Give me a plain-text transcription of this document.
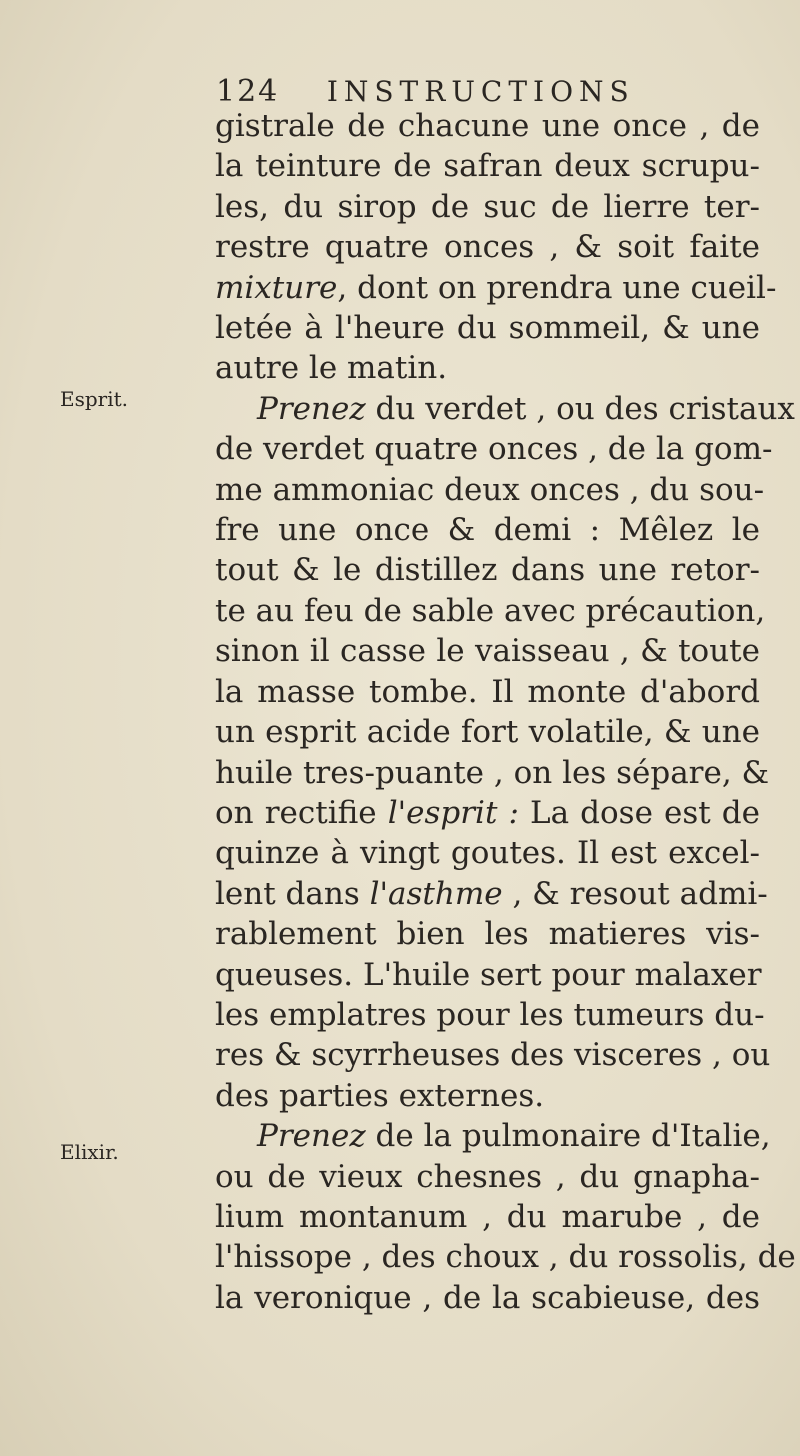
124 INSTRUCTIONS
Esprit.
Elixir.
gistrale de chacune une once , de
la teinture de safran deux scrupu-
les, du sirop de suc de lierre ter-
restre quatre onces , & soit faite
mixture, dont on prendra une cueil-
letée à l'heure du sommeil, & une
autre le matin.
Prenez du verdet , ou des cristaux
de verdet quatre onces , de la gom-
me ammoniac deux onces , du sou-
fre une once & demi : Mêlez le
tout & le distillez dans une retor-
te au feu de sable avec précaution,
sinon il casse le vaisseau , & toute
la masse tombe. Il monte d'abord
un esprit acide fort volatile, & une
huile tres-puante , on les sépare, &
on rectifie l'esprit : La dose est de
quinze à vingt goutes. Il est excel-
lent dans l'asthme , & resout admi-
rablement bien les matieres vis-
queuses. L'huile sert pour malaxer
les emplatres pour les tumeurs du-
res & scyrrheuses des visceres , ou
des parties externes.
Prenez de la pulmonaire d'Italie,
ou de vieux chesnes , du gnapha-
lium montanum , du marube , de
l'hissope , des choux , du rossolis, de
la veronique , de la scabieuse, des
